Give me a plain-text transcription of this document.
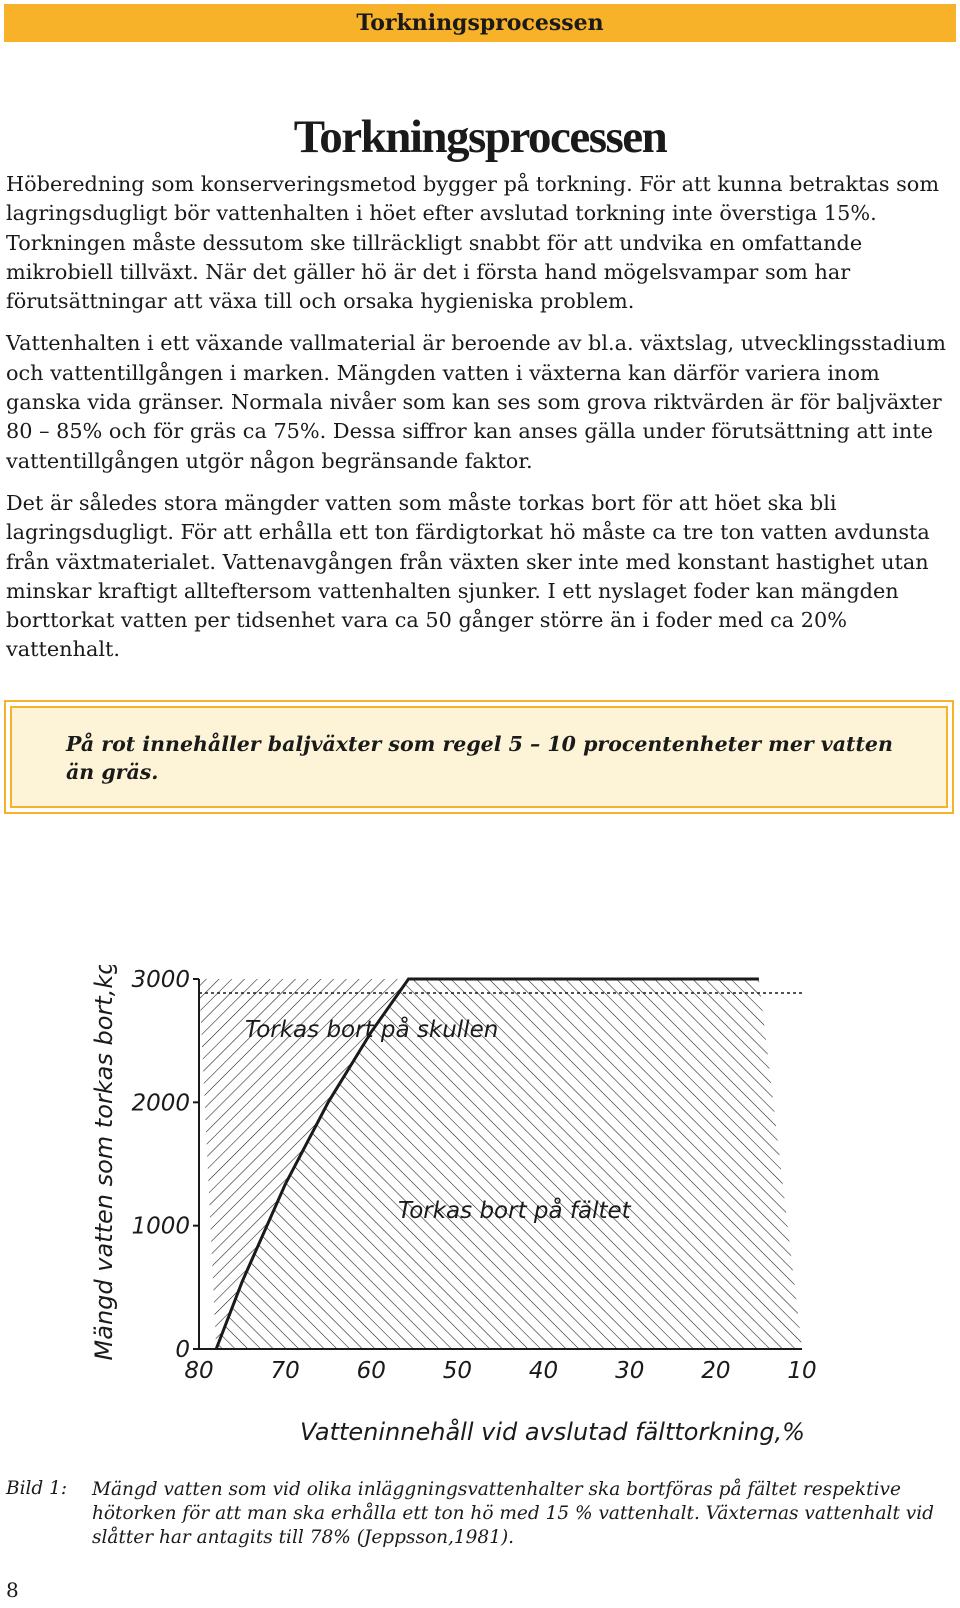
Torkningsprocessen
Torkningsprocessen

Höberedning som konserveringsmetod bygger på torkning. För att kunna betraktas som lagringsdugligt bör vattenhalten i höet efter avslutad torkning inte överstiga 15%. Torkningen måste dessutom ske tillräckligt snabbt för att undvika en omfattande mikrobiell tillväxt. När det gäller hö är det i första hand mögelsvampar som har förutsättningar att växa till och orsaka hygieniska problem.

Vattenhalten i ett växande vallmaterial är beroende av bl.a. växtslag, utvecklingsstadium och vattentillgången i marken. Mängden vatten i växterna kan därför variera inom ganska vida gränser. Normala nivåer som kan ses som grova riktvärden är för baljväxter 80 – 85% och för gräs ca 75%. Dessa siffror kan anses gälla under förutsättning att inte vattentillgången utgör någon begränsande faktor.

Det är således stora mängder vatten som måste torkas bort för att höet ska bli lagringsdugligt. För att erhålla ett ton färdigtorkat hö måste ca tre ton vatten avdunsta från växtmaterialet. Vattenavgången från växten sker inte med konstant hastighet utan minskar kraftigt allteftersom vattenhalten sjunker. I ett nyslaget foder kan mängden borttorkat vatten per tidsenhet vara ca 50 gånger större än i foder med ca 20% vattenhalt.

På rot innehåller baljväxter som regel 5 – 10 procentenheter mer vatten än gräs.
0
1000
2000
3000
80 70 60 50 40 30 20 10
Mängd vatten som torkas bort,kg
Vatteninnehåll vid avslutad fälttorkning,%
Torkas bort på skullen
Torkas bort på fältet
Bild 1: Mängd vatten som vid olika inläggningsvattenhalter ska bortföras på fältet respektive hötorken för att man ska erhålla ett ton hö med 15 % vattenhalt. Växternas vattenhalt vid slåtter har antagits till 78% (Jeppsson,1981).
8
